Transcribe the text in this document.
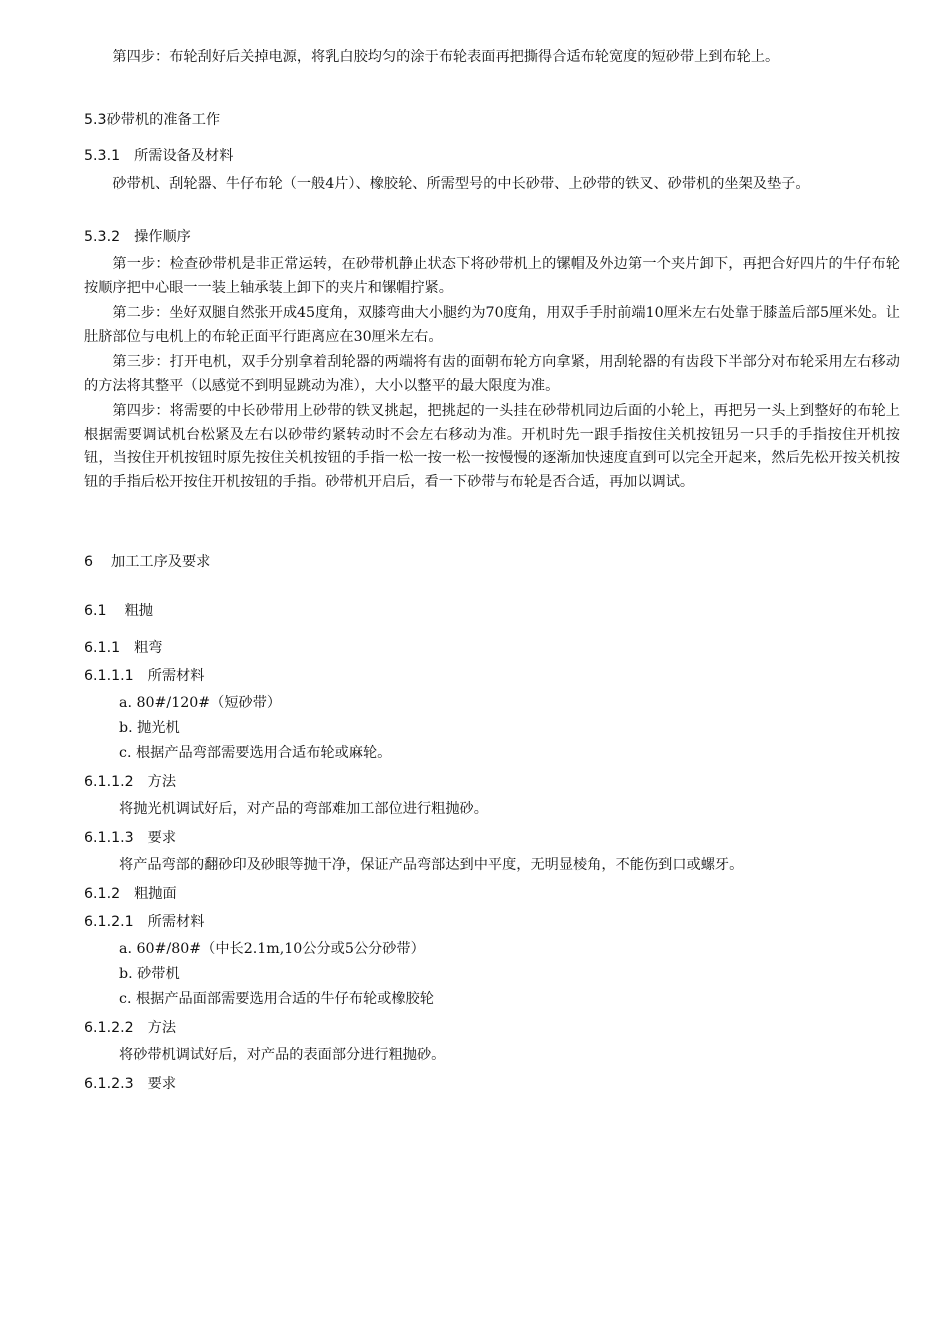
第四步：布轮刮好后关掉电源，将乳白胶均匀的涂于布轮表面再把撕得合适布轮宽度的短砂带上到布轮上。

5.3砂带机的准备工作

5.3.1 所需设备及材料

砂带机、刮轮器、牛仔布轮（一般4片）、橡胶轮、所需型号的中长砂带、上砂带的铁叉、砂带机的坐架及垫子。

5.3.2 操作顺序

第一步：检查砂带机是非正常运转，在砂带机静止状态下将砂带机上的镙帽及外边第一个夹片卸下，再把合好四片的牛仔布轮按顺序把中心眼一一装上轴承装上卸下的夹片和镙帽拧紧。

第二步：坐好双腿自然张开成45度角，双膝弯曲大小腿约为70度角，用双手手肘前端10厘米左右处靠于膝盖后部5厘米处。让肚脐部位与电机上的布轮正面平行距离应在30厘米左右。

第三步：打开电机，双手分别拿着刮轮器的两端将有齿的面朝布轮方向拿紧，用刮轮器的有齿段下半部分对布轮采用左右移动的方法将其整平（以感觉不到明显跳动为准），大小以整平的最大限度为准。

第四步：将需要的中长砂带用上砂带的铁叉挑起，把挑起的一头挂在砂带机同边后面的小轮上，再把另一头上到整好的布轮上根据需要调试机台松紧及左右以砂带约紧转动时不会左右移动为准。开机时先一跟手指按住关机按钮另一只手的手指按住开机按钮，当按住开机按钮时原先按住关机按钮的手指一松一按一松一按慢慢的逐渐加快速度直到可以完全开起来，然后先松开按关机按钮的手指后松开按住开机按钮的手指。砂带机开启后，看一下砂带与布轮是否合适，再加以调试。

6 加工工序及要求

6.1 粗抛

6.1.1 粗弯

6.1.1.1 所需材料

a. 80#/120#（短砂带）

b. 抛光机

c. 根据产品弯部需要选用合适布轮或麻轮。

6.1.1.2 方法

将抛光机调试好后，对产品的弯部难加工部位进行粗抛砂。

6.1.1.3 要求

将产品弯部的翻砂印及砂眼等抛干净，保证产品弯部达到中平度，无明显棱角，不能伤到口或螺牙。

6.1.2 粗抛面

6.1.2.1 所需材料

a. 60#/80#（中长2.1m,10公分或5公分砂带）

b. 砂带机

c. 根据产品面部需要选用合适的牛仔布轮或橡胶轮

6.1.2.2 方法

将砂带机调试好后，对产品的表面部分进行粗抛砂。

6.1.2.3 要求
